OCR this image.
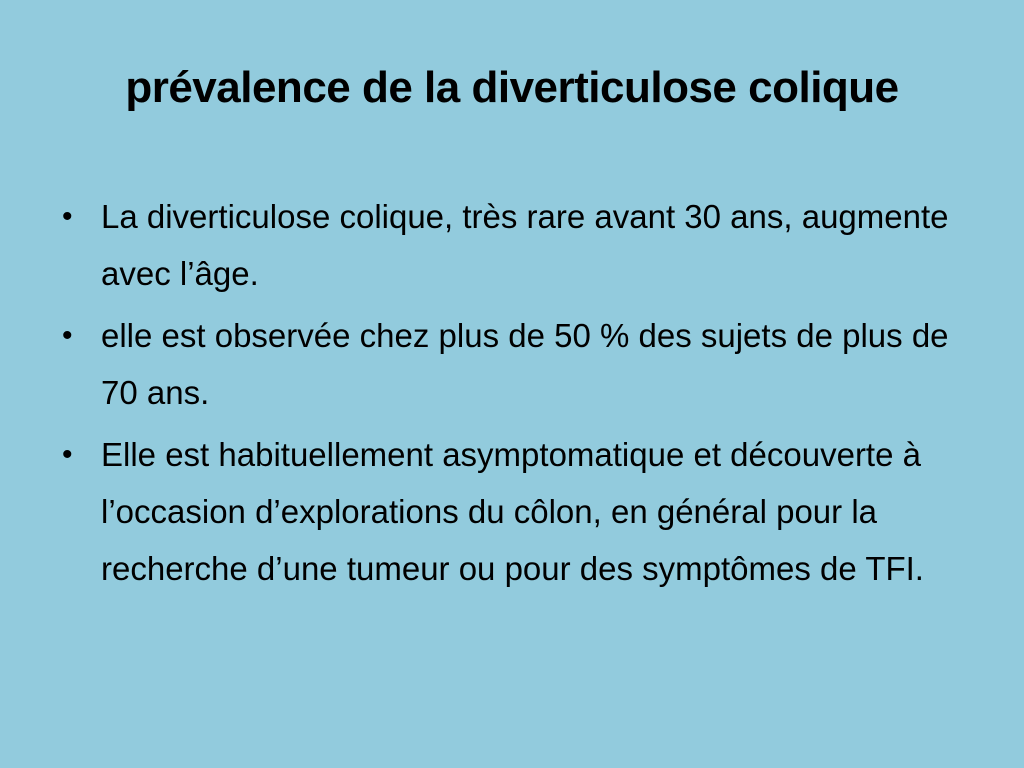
prévalence de la diverticulose colique
• La diverticulose colique, très rare avant 30 ans, augmente avec l’âge.
• elle est observée chez plus de 50 % des sujets de plus de 70 ans.
• Elle est habituellement asymptomatique et découverte à l’occasion d’explorations du côlon, en général pour la recherche d’une tumeur ou pour des symptômes de TFI.
